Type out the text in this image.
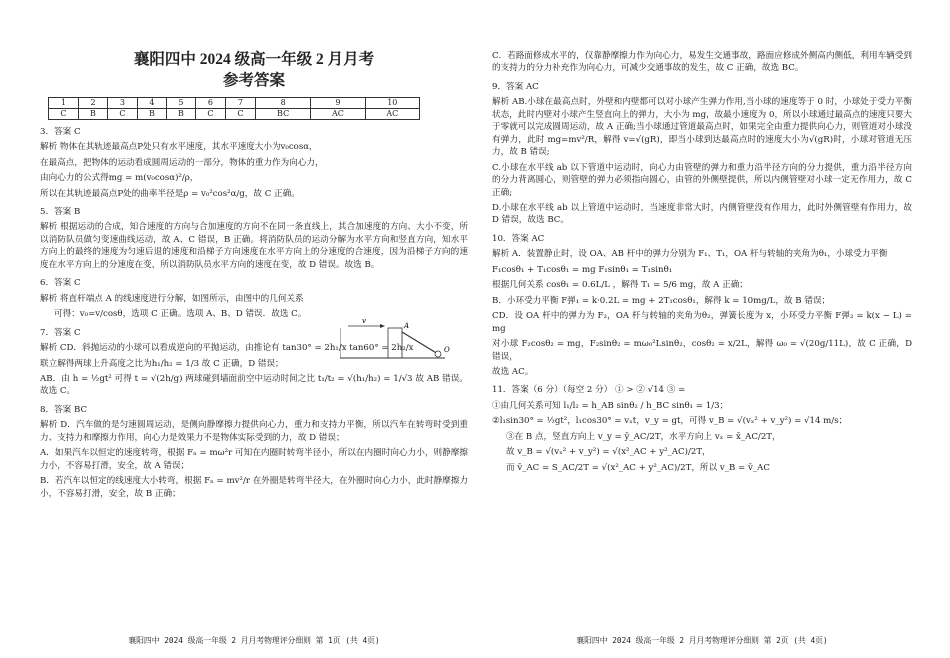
襄阳四中 2024 级高一年级 2 月月考
参考答案
1	2	3	4	5	6	7	8	9	10
C	B	C	B	B	C	C	BC	AC	AC
3．答案 C
解析 物体在其轨迹最高点P处只有水平速度，其水平速度大小为v₀cosα，
在最高点，把物体的运动看成圆周运动的一部分，物体的重力作为向心力，
由向心力的公式得mg = m(v₀cosα)²/ρ，
所以在其轨迹最高点P处的曲率半径是ρ = v₀²cos²α/g，故 C 正确。
5．答案 B
解析 根据运动的合成，知合速度的方向与合加速度的方向不在同一条直线上，其合加速度的方向、大小不变，所以消防队员做匀变速曲线运动，故 A、C 错误，B 正确。将消防队员的运动分解为水平方向和竖直方向，知水平方向上的最终的速度为匀速后退的速度和沿梯子方向速度在水平方向上的分速度的合速度，因为沿梯子方向的速度在水平方向上的分速度在变，所以消防队员水平方向的速度在变，故 D 错误。故选 B。
6．答案 C
解析 将直杆端点 A 的线速度进行分解，如图所示，由图中的几何关系
可得：v₀=v/cosθ，选项 C 正确。选项 A、B、D 错误．故选 C。
v
A
O
7．答案 C
解析 CD．斜抛运动的小球可以看成逆向的平抛运动，由推论有 tan30° = 2h₁/x tan60° = 2h₂/x
联立解得两球上升高度之比为h₁/h₂ = 1/3 故 C 正确，D 错误；
AB．由 h = ½gt² 可得 t = √(2h/g) 两球碰到墙面前空中运动时间之比 t₁/t₂ = √(h₁/h₂) = 1/√3 故 AB 错误。故选 C。
8．答案 BC
解析 D．汽车做的是匀速圆周运动，是侧向静摩擦力提供向心力，重力和支持力平衡，所以汽车在转弯时受到重力、支持力和摩擦力作用，向心力是效果力不是物体实际受到的力，故 D 错误；
A．如果汽车以恒定的速度转弯，根据 Fₙ = mω²r 可知在内圈时转弯半径小，所以在内圈时向心力小，则静摩擦力小，不容易打滑，安全，故 A 错误；
B．若汽车以恒定的线速度大小转弯，根据 Fₙ = mv²/r 在外圈是转弯半径大，在外圈时向心力小，此时静摩擦力小，不容易打滑，安全，故 B 正确；
襄阳四中 2024 级高一年级 2 月月考物理评分细则 第 1页 (共 4页)
C．若路面修成水平的，仅靠静摩擦力作为向心力，易发生交通事故，路面应修成外侧高内侧低，利用车辆受到的支持力的分力补充作为向心力，可减少交通事故的发生，故 C 正确，故选 BC。
9．答案 AC
解析 AB.小球在最高点时，外壁和内壁都可以对小球产生弹力作用,当小球的速度等于 0 时，小球处于受力平衡状态，此时内壁对小球产生竖直向上的弹力，大小为 mg，故最小速度为 0，所以小球通过最高点的速度只要大于零就可以完成圆周运动，故 A 正确;当小球通过管道最高点时，如果完全由重力提供向心力，则管道对小球没有弹力，此时 mg=mv²/R，解得 v=√(gR)，即当小球到达最高点时的速度大小为√(gR)时，小球对管道无压力，故 B 错误;
C.小球在水平线 ab 以下管道中运动时，向心力由管壁的弹力和重力沿半径方向的分力提供，重力沿半径方向的分力背离圆心，则管壁的弹力必须指向圆心，由管的外侧壁提供，所以内侧管壁对小球一定无作用力，故 C 正确;
D.小球在水平线 ab 以上管道中运动时，当速度非常大时，内侧管壁没有作用力，此时外侧管壁有作用力，故 D 错误，故选 BC。
10．答案 AC
解析 A．装置静止时，设 OA、AB 杆中的弹力分别为 F₁、T₁，OA 杆与转轴的夹角为θ₁，小球受力平衡
F₁cosθ₁ + T₁cosθ₁ = mg F₁sinθ₁ = T₁sinθ₁
根据几何关系 cosθ₁ = 0.6L/L ，解得 T₁ = 5/6 mg，故 A 正确；
B．小环受力平衡 F弹₁ = k·0.2L = mg + 2T₁cosθ₁，解得 k = 10mg/L，故 B 错误；
CD．设 OA 杆中的弹力为 F₂，OA 杆与转轴的夹角为θ₂，弹簧长度为 x，小环受力平衡 F弹₂ = k(x − L) = mg
对小球 F₂cosθ₂ = mg，F₂sinθ₂ = mω₀²Lsinθ₂，cosθ₂ = x/2L，解得 ω₀ = √(20g/11L)，故 C 正确，D 错误，
故选 AC。
11．答案（6 分）（每空 2 分） ① > ② √14 ③ =
①由几何关系可知 l₁/l₂ = h_AB sinθ₂ / h_BC sinθ₁ = 1/3；
②l₁sin30° = ½gt²，l₁cos30° = vₓt，v_y = gt，可得 v_B = √(vₓ² + v_y²) = √14 m/s；
③在 B 点，竖直方向上 v_y = ȳ_AC/2T，水平方向上 vₓ = x̄_AC/2T，
故 v_B = √(vₓ² + v_y²) = √(x²_AC + y²_AC)/2T，
而 v̄_AC = S_AC/2T = √(x²_AC + y²_AC)/2T，所以 v_B = v̄_AC
襄阳四中 2024 级高一年级 2 月月考物理评分细则 第 2页 (共 4页)
